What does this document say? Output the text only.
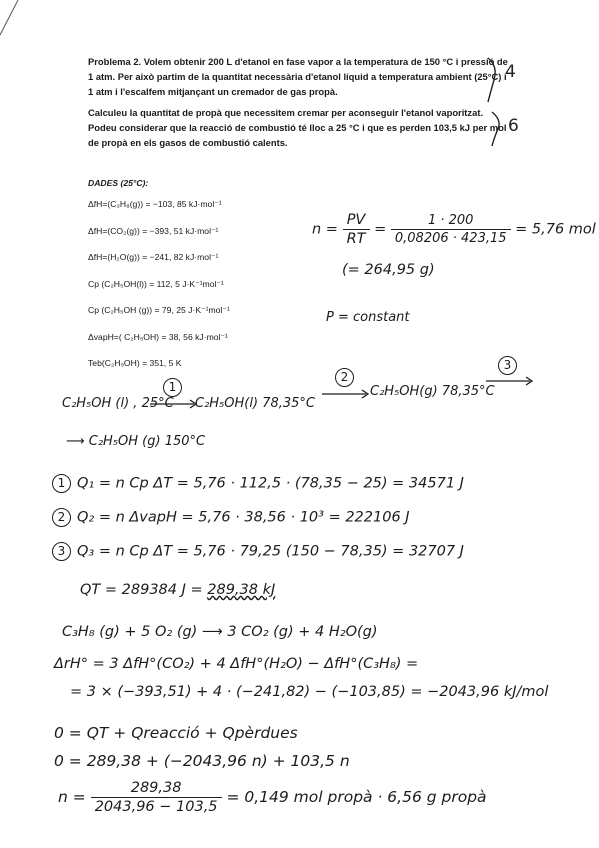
Problema 2. Volem obtenir 200 L d'etanol en fase vapor a la temperatura de 150 °C i pressió de 1 atm. Per això partim de la quantitat necessària d'etanol líquid a temperatura ambient (25°C) i 1 atm i l'escalfem mitjançant un cremador de gas propà.

Calculeu la quantitat de propà que necessitem cremar per aconseguir l'etanol vaporitzat. Podeu considerar que la reacció de combustió té lloc a 25 °C i que es perden 103,5 kJ per mol de propà en els gasos de combustió calents.

4
6
DADES (25°C):
ΔfH=(C₃H₈(g)) = −103, 85 kJ·mol⁻¹
ΔfH=(CO₂(g)) = −393, 51 kJ·mol⁻¹
ΔfH=(H₂O(g)) = −241, 82 kJ·mol⁻¹
Cp (C₂H₅OH(l)) = 112, 5 J·K⁻¹mol⁻¹
Cp (C₂H₅OH (g)) = 79, 25 J·K⁻¹mol⁻¹
ΔvapH=( C₂H₅OH) = 38, 56 kJ·mol⁻¹
Teb(C₂H₅OH) = 351, 5 K
$n = \frac{PV}{RT} = \frac{1 \cdot 200}{0,08206 \cdot 423,15} = 5,76$ mol
(= 264,95 g)
P = constant
C₂H₅OH (l) , 25°C C₂H₅OH(l) 78,35°C
C₂H₅OH(g) 78,35°C
1
2
3
⟶ C₂H₅OH (g) 150°C
1 Q₁ = n Cp ΔT = 5,76 · 112,5 · (78,35 − 25) = 34571 J
2 Q₂ = n ΔvapH = 5,76 · 38,56 · 10³ = 222106 J
3 Q₃ = n Cp ΔT = 5,76 · 79,25 (150 − 78,35) = 32707 J
QT = 289384 J = 289,38 kJ
C₃H₈ (g) + 5 O₂ (g) ⟶ 3 CO₂ (g) + 4 H₂O(g)
ΔrH° = 3 ΔfH°(CO₂) + 4 ΔfH°(H₂O) − ΔfH°(C₃H₈) =
= 3 × (−393,51) + 4 · (−241,82) − (−103,85) = −2043,96 kJ/mol
0 = QT + Qreacció + Qpèrdues
0 = 289,38 + (−2043,96 n) + 103,5 n
$n = \frac{289,38}{2043,96 - 103,5} = 0,149$ mol propà · 6,56 g propà
